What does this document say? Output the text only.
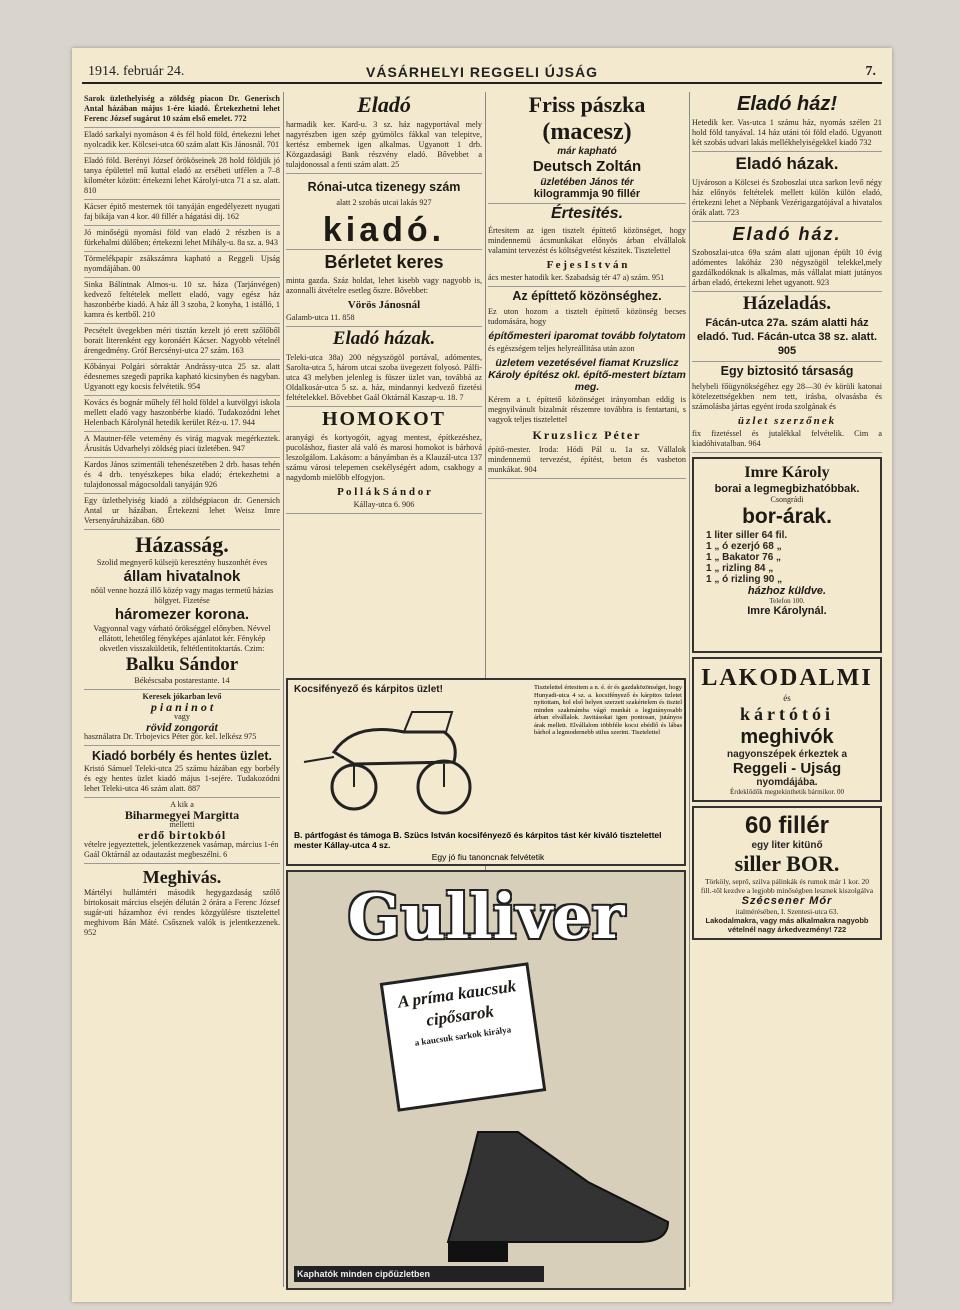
1914. február 24.	VÁSÁRHELYI REGGELI ÚJSÁG	7.
Sarok üzlethelyiség a zöldség piacon Dr. Generisch Antal házában május 1-ére kiadó. Értekezhetni lehet Ferenc József sugárut 10 szám első emelet. 772
Eladó sarkalyi nyomáson 4 és fél hold föld, értekezni lehet nyolcadik ker. Kölcsei-utca 60 szám alatt Kis Jánosnál. 701
Eladó föld. Berényi József örököseinek 28 hold földjük jó tanya épülettel mű kuttal eladó az ersébeti utfélen a 7–8 kilométer között: értekezni lehet Károlyi-utca 71 a sz. alatt. 810
Kácser épitő mesternek tói tanyáján engedélyezett nyugati faj bikája van 4 kor. 40 fillér a hágatási dij. 162
Jó minőségü nyomási föld van eladó 2 részben is a fürkehalmi dülőben; értekezni lehet Mihály-u. 8a sz. a. 943
Törmelékpapir zsákszámra kapható a Reggeli Ujság nyomdájában. 00
Sinka Bálintnak Almos-u. 10 sz. háza (Tarjánvégen) kedvező feltételek mellett eladó, vagy egész ház haszonbérbe kiadó. A ház áll 3 szoba, 2 konyha, 1 istálló, 1 kamra és kertből. 210
Pecsételt üvegekben méri tisztán kezelt jó erett szőlőből borait literenként egy koronáért Kácser. Nagyobb vételnél árengedmény. Gróf Bercsényi-utca 27 szám. 163
Kőbányai Polgári sörraktár Andrássy-utca 25 sz. alatt édesnemes szegedi paprika kapható kicsinyben és nagyban. Ugyanott egy kocsis felvétetik. 954
Kovács és bognár műhely fél hold földel a kutvölgyi iskola mellett eladó vagy haszonbérbe kiadó. Tudakozódni lehet Helenbach Károlynál hetedik kerület Réz-u. 17. 944
A Mautner-féle vetemény és virág magvak megérkeztek. Árusitás Udvarhelyi zöldség piaci üzletében. 947
Kardos János szimentáli tehenészetében 2 drb. hasas tehén és 4 drb. tenyészkepes bika eladó; értekezhetni a tulajdonossal mágocsoldali tanyáján 926
Egy üzlethelyiség kiadó a zöldségpiacon dr. Genersich Antal ur házában. Értekezni lehet Weisz Imre Versenyáruházában. 680
Házasság.
Szolid megnyerő külsejü keresztény huszonhét éves
állam hivatalnok
nőül venne hozzá illő közép vagy magas termetű házias hölgyet. Fizetése
háromezer korona.
Vagyonnal vagy várható örökséggel előnyben. Névvel ellátott, lehetőleg fényképes ajánlatot kér. Fénykép okvetlen visszaküldetik, feltétlentitoktartás. Czim:
Balku Sándor
Békéscsaba postarestante. 14
Keresek jókarban levő
p i a n i n o t
vagy
rövid zongorát
használatra Dr. Trbojevics Péter gör. kel. lelkész 975
Kiadó borbély és hentes üzlet.
Kristó Sámuel Teleki-utca 25 számu házában egy borbély és egy hentes üzlet kiadó május 1-sejére. Tudakozódni lehet Teleki-utca 46 szám alatt. 887
A kik a
Biharmegyei Margitta
melletti
erdő birtokból
vételre jegyeztettek, jelentkezzenek vasárnap, március 1-én Gaál Oktárnál az odautazást megbeszélni. 6
Meghivás.
Mártélyi hullámtéri második hegygazdaság szőlő birtokosait március elsején délután 2 órára a Ferenc József sugár-uti házamhoz évi rendes közgyülésre tisztelettel meghivom Bán Máté. Csősznek valók is jelentkezzenek. 952
Eladó
harmadik ker. Kard-u. 3 sz. ház nagyportával mely nagyrészben igen szép gyümölcs fákkal van telepitve, kertész embernek igen alkalmas. Ugyanott 1 drb. Közgazdasági Bank részvény eladó. Bővebbet a tulajdonossal a fenti szám alatt. 25
Rónai-utca tizenegy szám
alatt 2 szobás utcai lakás 927
kiadó.
Bérletet keres
minta gazda. Száz holdat, lehet kisebb vagy nagyobb is, azonnalli átvételre esetleg őszre. Bővebbet:
Vörös Jánosnál
Galamb-utca 11. 858
Eladó házak.
Teleki-utca 38a) 200 négyszögöl portával, adómentes, Sarolta-utca 5, három utcai szoba üvegezett folyosó. Pálfi-utca 43 melyben jelenleg is füszer üzlet van, továbbá az Oldalkosár-utca 5 sz. a. ház, mindannyi kedvező fizetési feltételekkel. Bővebbet Gaál Oktárnál Kaszap-u. 18. 7
HOMOKOT
aranyági és kortyogóit, agyag mentest, építkezéshez, pucoláshoz, fiaster alá való és marosi homokot is bárhová leszolgálom. Lakásom: a bányámban és a Klauzál-utca 137 számu városi telepemen csekélységért adom, csakhogy a nagydomb mielőbb elfogyjon.
P o l l á k S á n d o r
Kállay-utca 6. 906
Friss pászka
(macesz)
már kapható
Deutsch Zoltán
üzletében János tér
kilogrammja 90 fillér
Értesités.
Értesitem az igen tisztelt építtető közönséget, hogy mindennemü ácsmunkákat előnyös árban elvállalok valamint tervezést és költségvetést készitek. Tisztelettel
F e j e s I s t v á n
ács mester hatodik ker. Szabadság tér 47 a) szám. 951
Az építtető közönséghez.
Ez uton hozom a tisztelt építtető közönség becses tudomására, hogy
építőmesteri iparomat tovább folytatom
és egészségem teljes helyreállitása után azon
üzletem vezetésével fiamat Kruzslicz Károly építész okl. építő-mestert bíztam meg.
Kérem a t. építtető közönséget irányomban eddig is megnyilvánult bizalmát részemre továbbra is fentartani, s vagyok teljes tisztelettel
Kruzslicz Péter
építő-mester. Iroda: Hódi Pál u. 1a sz. Vállalok mindennemü tervezést, építést, beton és vasbeton munkákat. 904
Kocsifényező és kárpitos üzlet!	Tisztelettel értesitem a n. é. ér és gazdaközönséget, hogy Hunyadi-utca 4 sz. a. kocsifényező és kárpitos üzletet nyitottam, hol első helyen szerzett szakértelem és tisztel minden szakmámba vágó munkát a legjutányosabb árban elvállalok. Javitásokat igen pontosan, jutányos árak mellett. Elvállalom többféle kocsi ebédlő és lábas bárhol a legmodernebb stilus szerint. Tisztelettel
B. pártfogást és támoga B. Szücs István kocsifényező és kárpitos tást kér kiváló tisztelettel mester Kállay-utca 4 sz.
Egy jó fiu tanoncnak felvétetik
Gulliver
A príma kaucsuk cipősarok
a kaucsuk sarkok királya
Kaphatók minden cipőüzletben
Eladó ház!
Hetedik ker. Vas-utca 1 számu ház, nyomás szélen 21 hold föld tanyával. 14 ház utáni tói föld eladó. Ugyanott két szobás udvari lakás mellékhelyiségekkel kiadó 732
Eladó házak.
Ujvároson a Kölcsei és Szoboszlai utca sarkon levő négy ház előnyös feltételek mellett külön külön eladó, értekezni lehet a Népbank Vezérigazgatójával a hivatalos órák alatt. 723
Eladó ház.
Szoboszlai-utca 69a szám alatt ujjonan épült 10 évig adómentes lakóház 230 négyszögöl telekkel,mely gazdálkodóknak is alkalmas, más vállalat miatt jutányos árban eladó, értekezni lehet ugyanott. 923
Házeladás.
Fácán-utca 27a. szám alatti ház eladó. Tud. Fácán-utca 38 sz. alatt. 905
Egy biztositó társaság
helybeli főügynökségéhez egy 28—30 év körüli katonai kötelezettségekben nem tett, irásba, olvasásba és számolásba jártas egyént iroda szolgának és
üzlet szerzőnek
fix fizetéssel és jutalékkal felvételik. Cim a kiadóhivatalban. 964
Imre Károly
borai a legmegbizhatóbbak.
Csongrádi
bor-árak.
1 liter siller 64 fil.
1 „ ó ezerjó 68 „
1 „ Bakator 76 „
1 „ rizling 84 „
1 „ ó rizling 90 „
házhoz küldve.
Telefon 100.
Imre Károlynál.
LAKODALMI
és
kártótói
meghivók
nagyonszépek érkeztek a
Reggeli - Ujság
nyomdájába.
Érdeklődők megtekinthetik bármikor. 00
60 fillér
egy liter kitünő
siller BOR.
Törköly, seprő, szilva pálinkák és rumok már 1 kor. 20 fill.-től kezdve a legjobb minőségben lesznek kiszolgálva
Szécsener Mór
italmérésében, I. Szentesi-utca 63.
Lakodalmakra, vagy más alkalmakra nagyobb vételnél nagy árkedvezmény! 722
